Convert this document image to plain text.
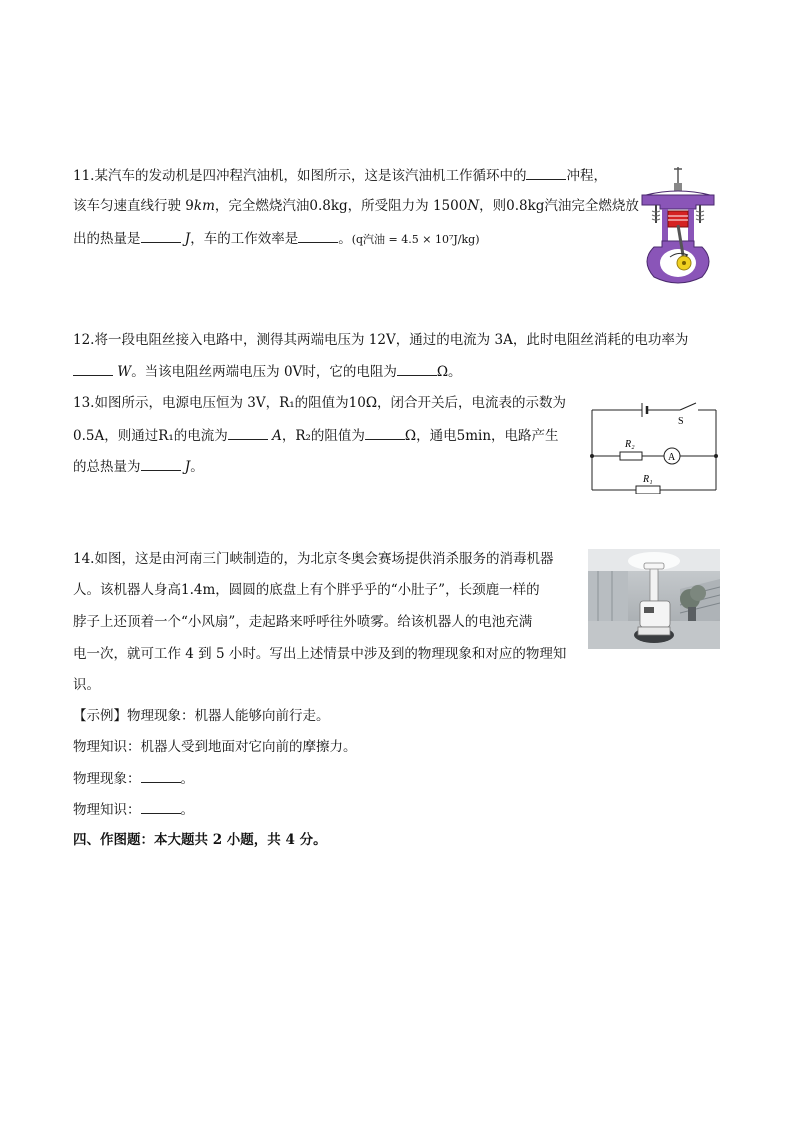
11.某汽车的发动机是四冲程汽油机，如图所示，这是该汽油机工作循环中的	冲程，
该车匀速直线行驶 9km，完全燃烧汽油0.8kg，所受阻力为 1500N，则0.8kg汽油完全燃烧放
出的热量是	J，车的工作效率是	。(q汽油 = 4.5 × 10⁷J/kg)
12.将一段电阻丝接入电路中，测得其两端电压为 12V，通过的电流为 3A，此时电阻丝消耗的电功率为
W。当该电阻丝两端电压为 0V时，它的电阻为	Ω。
13.如图所示，电源电压恒为 3V，R₁的阻值为10Ω，闭合开关后，电流表的示数为
0.5A，则通过R₁的电流为	A，R₂的阻值为	Ω，通电5min，电路产生
的总热量为	J。
S
R₂
A
R₁
14.如图，这是由河南三门峡制造的，为北京冬奥会赛场提供消杀服务的消毒机器
人。该机器人身高1.4m，圆圆的底盘上有个胖乎乎的“小肚子”，长颈鹿一样的
脖子上还顶着一个“小风扇”，走起路来呼呼往外喷雾。给该机器人的电池充满
电一次，就可工作 4 到 5 小时。写出上述情景中涉及到的物理现象和对应的物理知
识。
【示例】物理现象：机器人能够向前行走。
物理知识：机器人受到地面对它向前的摩擦力。
物理现象：	。
物理知识：	。
四、作图题：本大题共 2 小题，共 4 分。
